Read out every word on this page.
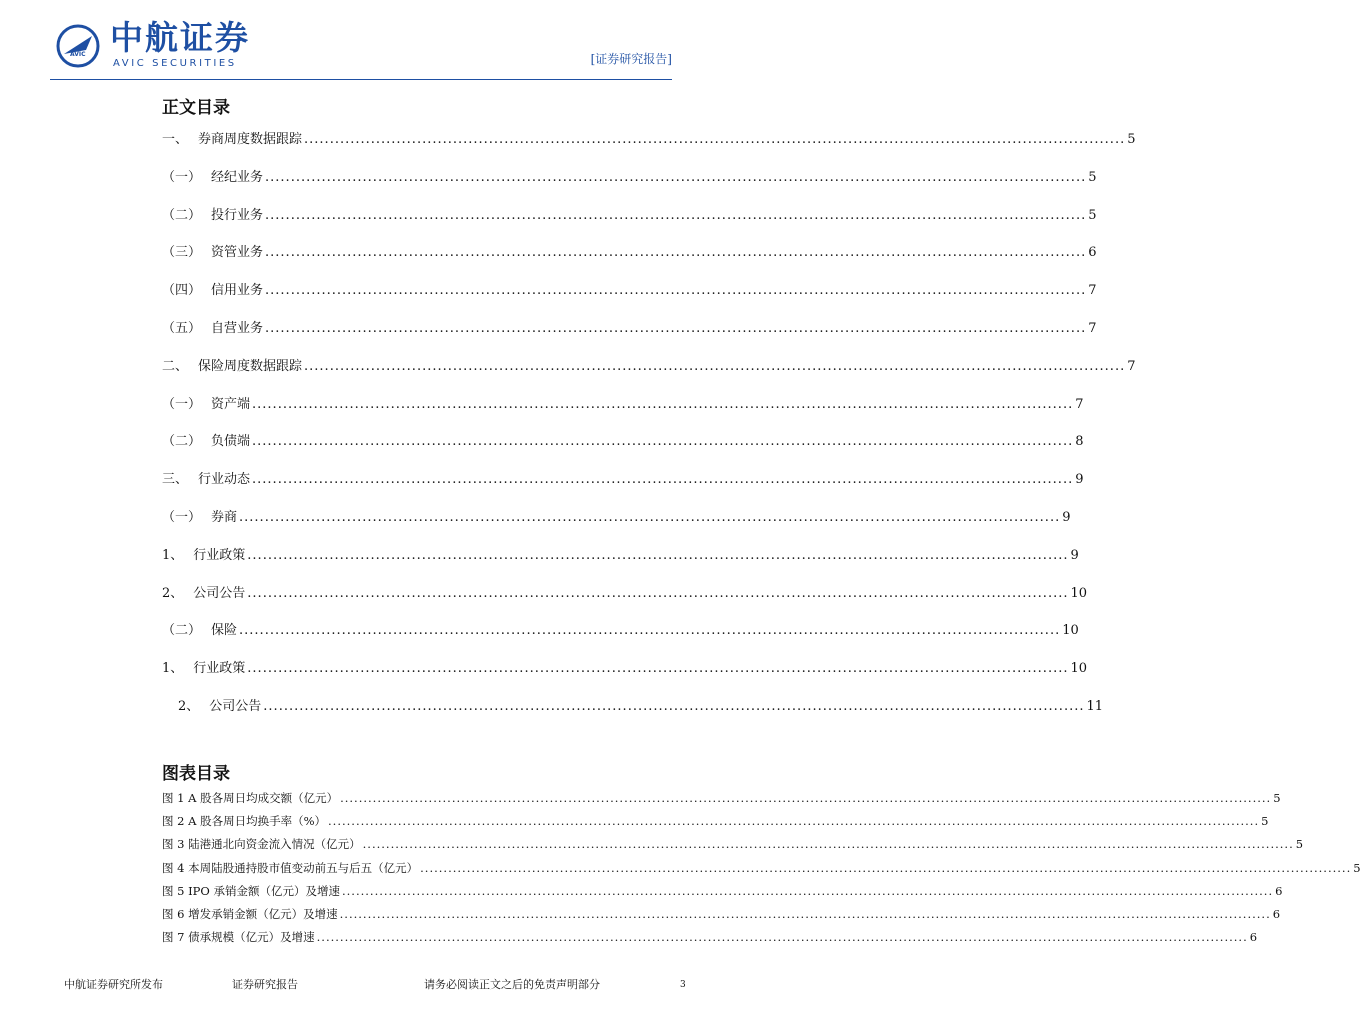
AVIC 中航证券
AVIC SECURITIES	[证券研究报告]
正文目录
一、 券商周度数据跟踪 ................................................................................................................................................................ 5
（一） 经纪业务 ................................................................................................................................................................ 5
（二） 投行业务 ................................................................................................................................................................ 5
（三） 资管业务 ................................................................................................................................................................ 6
（四） 信用业务 ................................................................................................................................................................ 7
（五） 自营业务 ................................................................................................................................................................ 7
二、 保险周度数据跟踪 ................................................................................................................................................................ 7
（一） 资产端 ................................................................................................................................................................ 7
（二） 负债端 ................................................................................................................................................................ 8
三、 行业动态 ................................................................................................................................................................ 9
（一） 券商 ................................................................................................................................................................ 9
1、 行业政策 ................................................................................................................................................................ 9
2、 公司公告 ................................................................................................................................................................ 10
（二） 保险 ................................................................................................................................................................ 10
1、 行业政策 ................................................................................................................................................................ 10
2、 公司公告 ................................................................................................................................................................ 11
图表目录
图 1 A 股各周日均成交额（亿元） ........................................................................................................................................................................................................ 5
图 2 A 股各周日均换手率（%） ........................................................................................................................................................................................................ 5
图 3 陆港通北向资金流入情况（亿元） ........................................................................................................................................................................................................ 5
图 4 本周陆股通持股市值变动前五与后五（亿元） ........................................................................................................................................................................................................ 5
图 5 IPO 承销金额（亿元）及增速 ........................................................................................................................................................................................................ 6
图 6 增发承销金额（亿元）及增速 ........................................................................................................................................................................................................ 6
图 7 债承规模（亿元）及增速 ........................................................................................................................................................................................................ 6
中航证券研究所发布	证券研究报告	请务必阅读正文之后的免责声明部分	3
